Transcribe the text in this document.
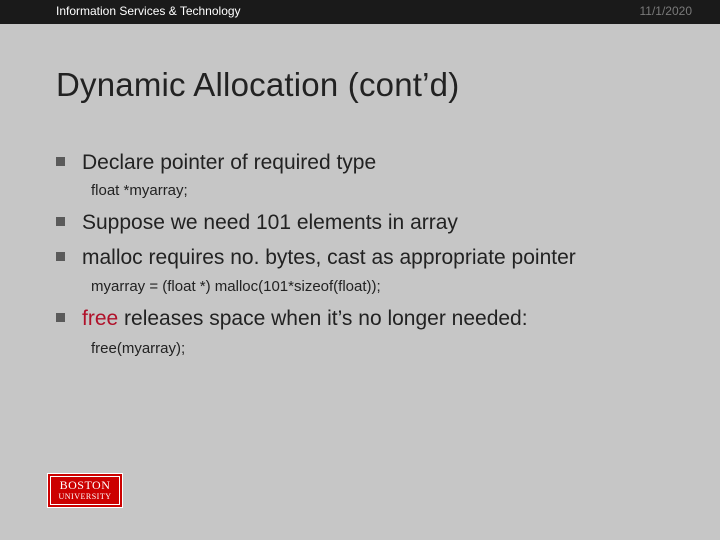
Information Services & Technology	11/1/2020
Dynamic Allocation (cont’d)
Declare pointer of required type
float *myarray;
Suppose we need 101 elements in array
malloc requires no. bytes, cast as appropriate pointer
myarray = (float *) malloc(101*sizeof(float));
free releases space when it’s no longer needed:
free(myarray);
BOSTON
UNIVERSITY
